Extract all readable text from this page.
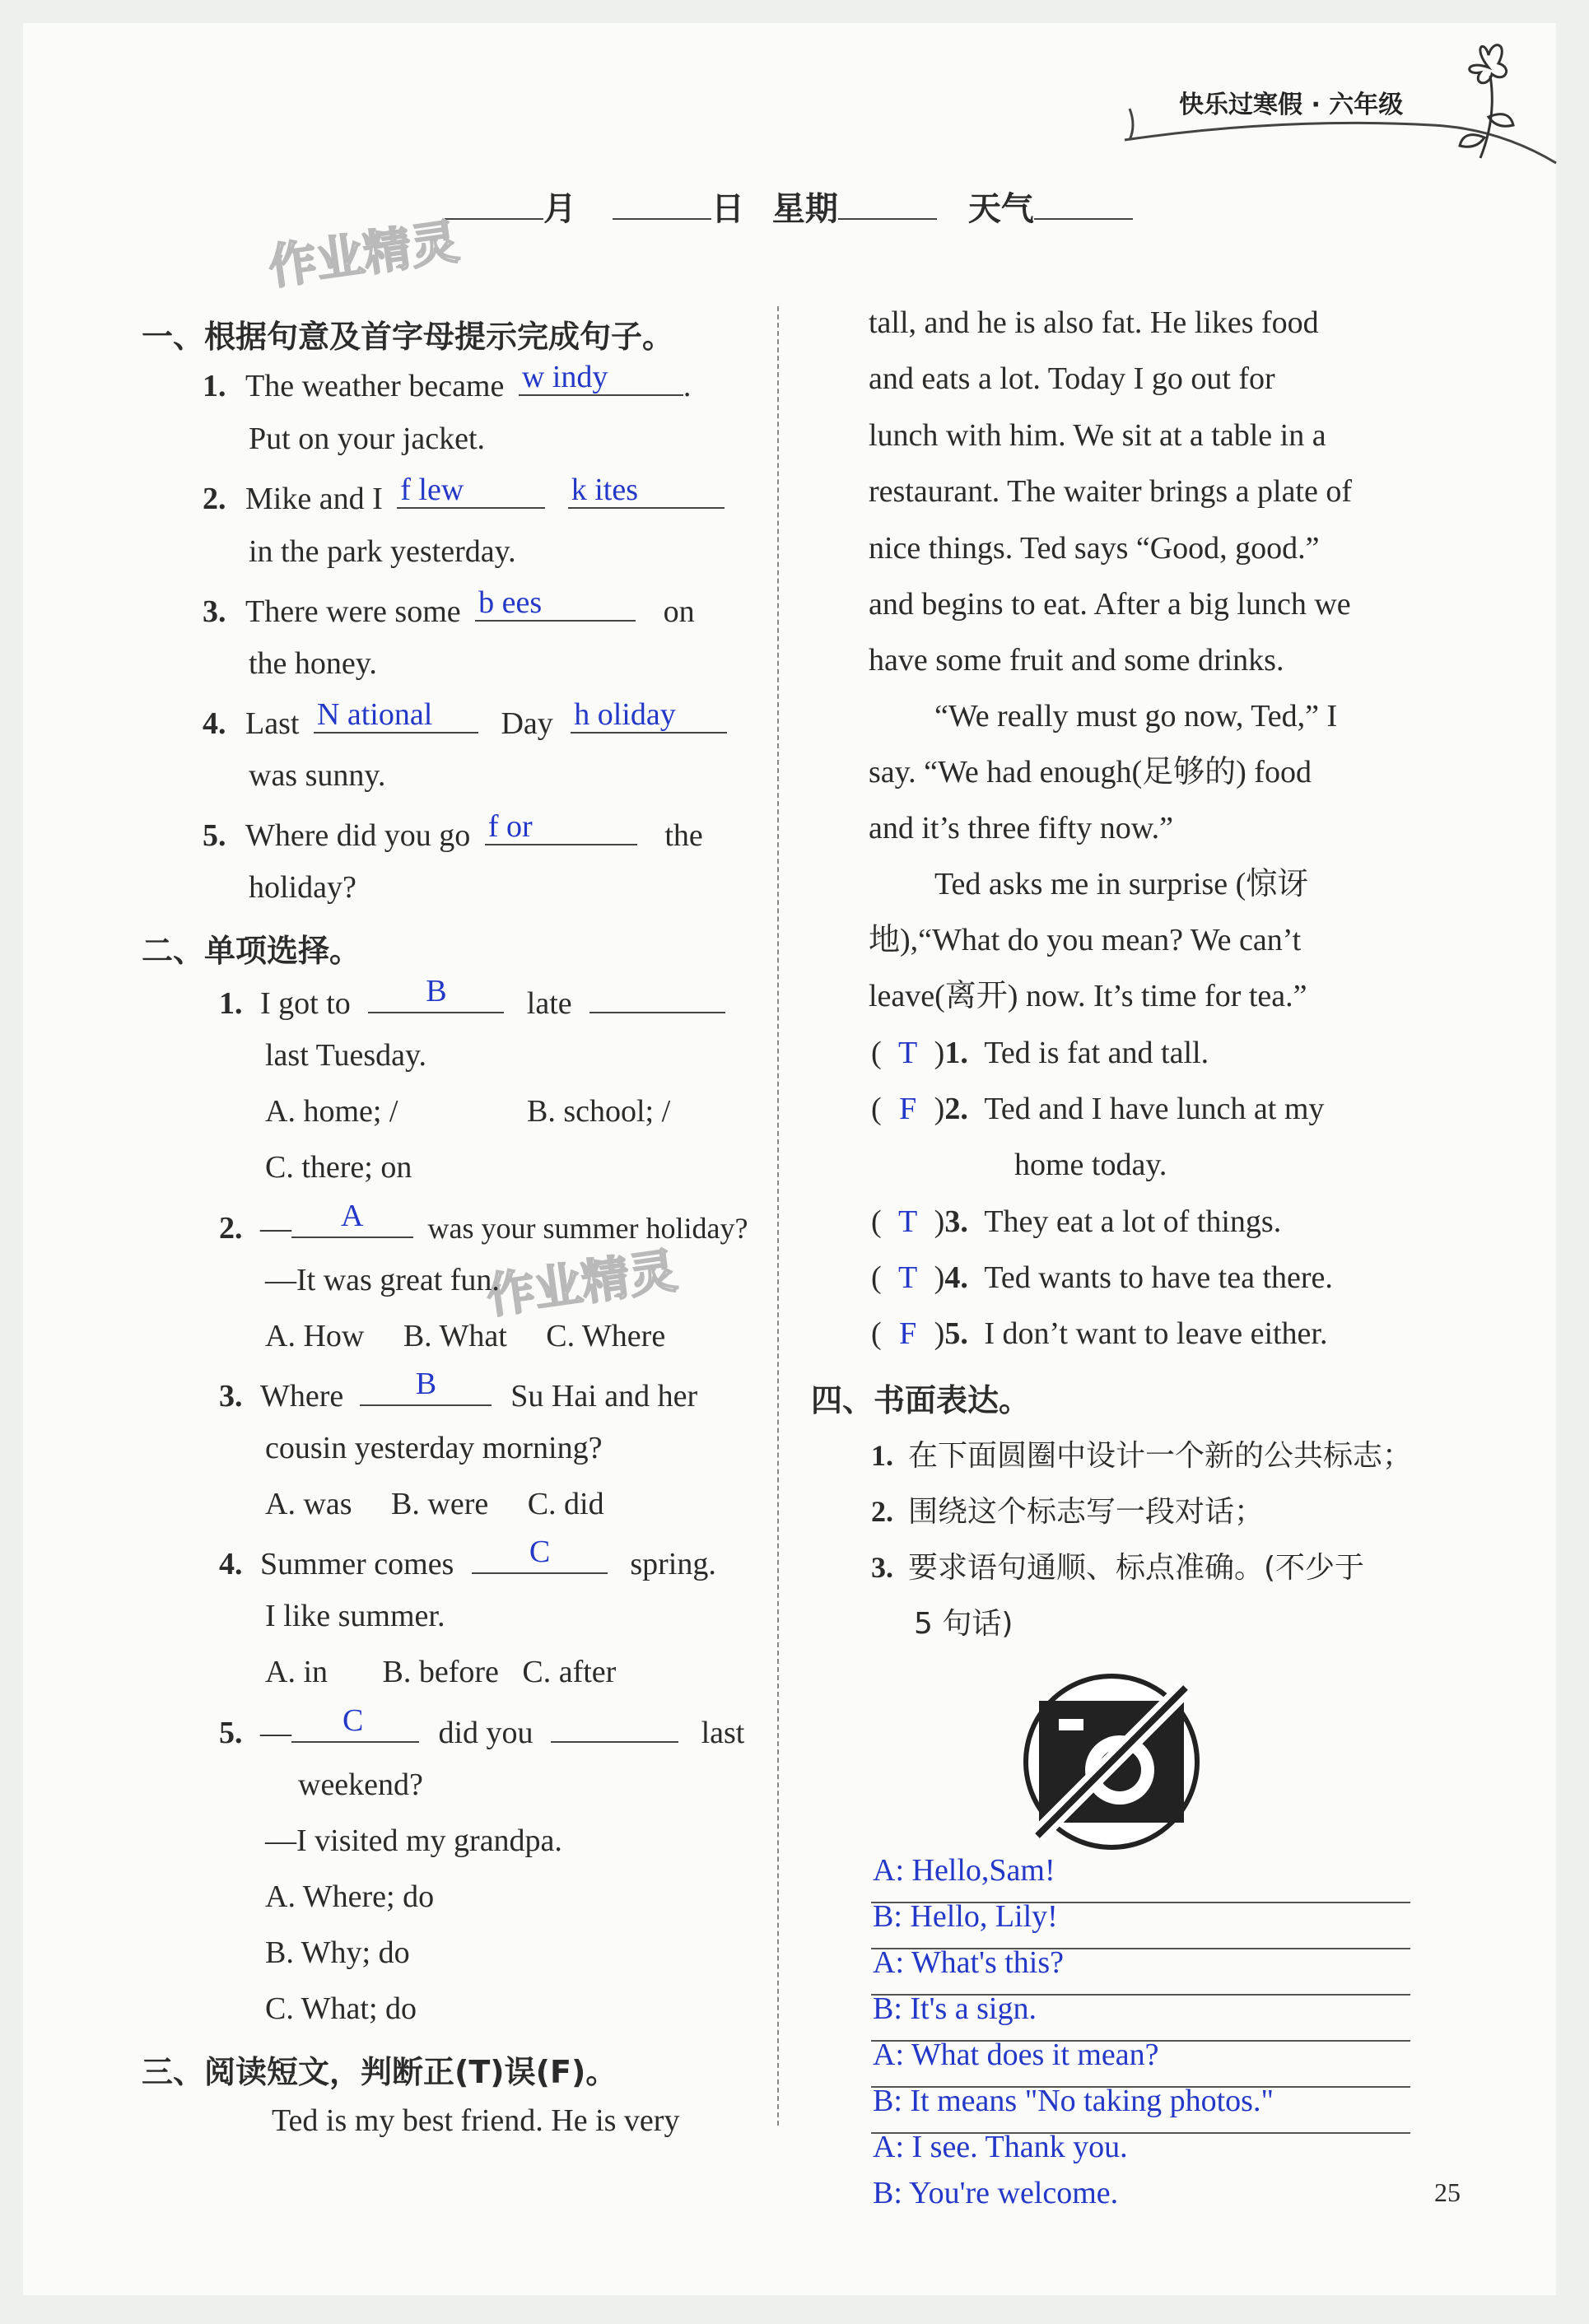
快乐过寒假 · 六年级
月	日 星期	天气
作业精灵
作业精灵
一、根据句意及首字母提示完成句子。
1. The weather became w indy .
Put on your jacket.
2. Mike and I f lew
	k ites
in the park yesterday.
3. There were some b ees	on
the honey.
4. Last N ational Day h oliday
was sunny.
5. Where did you go f or	the
holiday?
二、单项选择。
1. I got to B	late
last Tuesday.
A. home; /	B. school; /
C. there; on
2. — A was your summer holiday?
—It was great fun.
A. How     B. What     C. Where
3. Where B Su Hai and her
cousin yesterday morning?
A. was     B. were     C. did
4. Summer comes C	spring.
I like summer.
A. in       B. before   C. after
5. — C did you	last
weekend?
—I visited my grandpa.
A. Where; do
B. Why; do
C. What; do
三、阅读短文，判断正(T)误(F)。
Ted is my best friend. He is very
tall, and he is also fat. He likes food
and eats a lot. Today I go out for
lunch with him. We sit at a table in a
restaurant. The waiter brings a plate of
nice things. Ted says “Good, good.”
and begins to eat. After a big lunch we
have some fruit and some drinks.
“We really must go now, Ted,” I
say. “We had enough(足够的) food
and it’s three fifty now.”
Ted asks me in surprise (惊讶
地),“What do you mean? We can’t
leave(离开) now. It’s time for tea.”
( T )1. Ted is fat and tall.
( F )2. Ted and I have lunch at my
home today.
( T )3. They eat a lot of things.
( T )4. Ted wants to have tea there.
( F )5. I don’t want to leave either.
四、书面表达。
1. 在下面圆圈中设计一个新的公共标志；
2. 围绕这个标志写一段对话；
3. 要求语句通顺、标点准确。(不少于
5 句话)
A: Hello,Sam!
B: Hello, Lily!
A: What's this?
B: It's a sign.
A: What does it mean?
B: It means "No taking photos."
A: I see. Thank you.
B: You're welcome.	25
